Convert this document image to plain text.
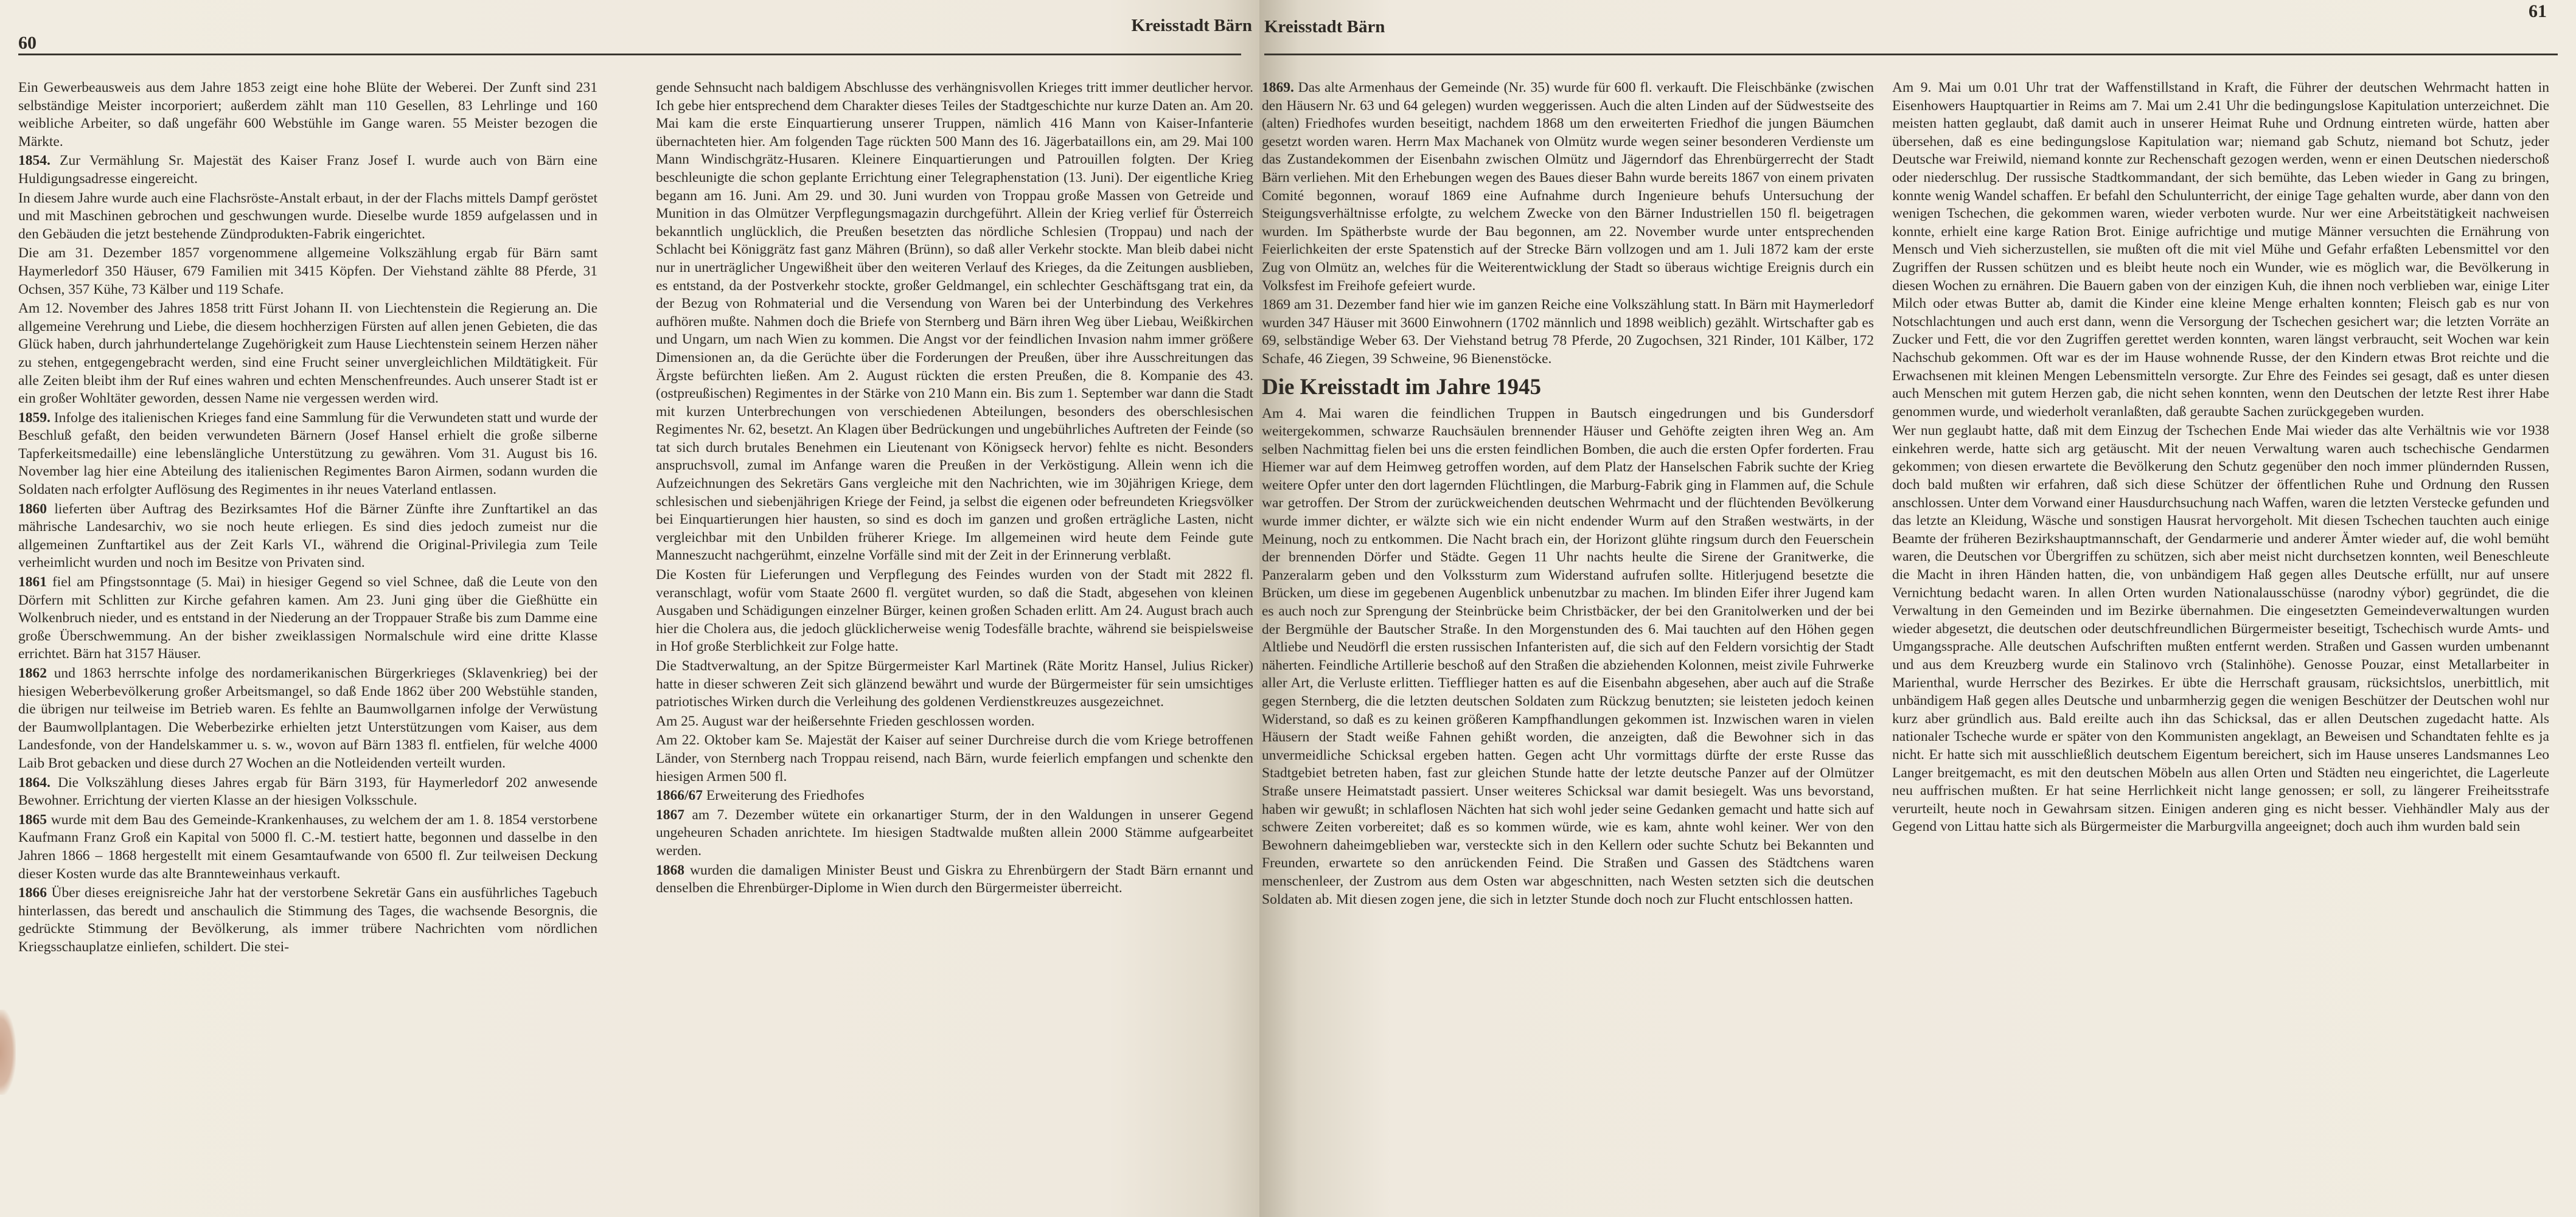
60
Kreisstadt Bärn

Ein Gewerbeausweis aus dem Jahre 1853 zeigt eine hohe Blüte der Weberei. Der Zunft sind 231 selbständige Meister incorporiert; außerdem zählt man 110 Gesellen, 83 Lehrlinge und 160 weibliche Arbeiter, so daß ungefähr 600 Webstühle im Gange waren. 55 Meister bezogen die Märkte.

1854. Zur Vermählung Sr. Majestät des Kaiser Franz Josef I. wurde auch von Bärn eine Huldigungsadresse eingereicht.

In diesem Jahre wurde auch eine Flachsröste-Anstalt erbaut, in der der Flachs mittels Dampf geröstet und mit Maschinen gebrochen und geschwungen wurde. Dieselbe wurde 1859 aufgelassen und in den Gebäuden die jetzt bestehende Zündprodukten-Fabrik eingerichtet.

Die am 31. Dezember 1857 vorgenommene allgemeine Volkszählung ergab für Bärn samt Haymerledorf 350 Häuser, 679 Familien mit 3415 Köpfen. Der Viehstand zählte 88 Pferde, 31 Ochsen, 357 Kühe, 73 Kälber und 119 Schafe.

Am 12. November des Jahres 1858 tritt Fürst Johann II. von Liechtenstein die Regierung an. Die allgemeine Verehrung und Liebe, die diesem hochherzigen Fürsten auf allen jenen Gebieten, die das Glück haben, durch jahrhundertelange Zugehörigkeit zum Hause Liechtenstein seinem Herzen näher zu stehen, entgegengebracht werden, sind eine Frucht seiner unvergleichlichen Mildtätigkeit. Für alle Zeiten bleibt ihm der Ruf eines wahren und echten Menschenfreundes. Auch unserer Stadt ist er ein großer Wohltäter geworden, dessen Name nie vergessen werden wird.

1859. Infolge des italienischen Krieges fand eine Sammlung für die Verwundeten statt und wurde der Beschluß gefaßt, den beiden verwundeten Bärnern (Josef Hansel erhielt die große silberne Tapferkeitsmedaille) eine lebenslängliche Unterstützung zu gewähren. Vom 31. August bis 16. November lag hier eine Abteilung des italienischen Regimentes Baron Airmen, sodann wurden die Soldaten nach erfolgter Auflösung des Regimentes in ihr neues Vaterland entlassen.

1860 lieferten über Auftrag des Bezirksamtes Hof die Bärner Zünfte ihre Zunftartikel an das mährische Landesarchiv, wo sie noch heute erliegen. Es sind dies jedoch zumeist nur die allgemeinen Zunftartikel aus der Zeit Karls VI., während die Original-Privilegia zum Teile verheimlicht wurden und noch im Besitze von Privaten sind.

1861 fiel am Pfingstsonntage (5. Mai) in hiesiger Gegend so viel Schnee, daß die Leute von den Dörfern mit Schlitten zur Kirche gefahren kamen. Am 23. Juni ging über die Gießhütte ein Wolkenbruch nieder, und es entstand in der Niederung an der Troppauer Straße bis zum Damme eine große Überschwemmung. An der bisher zweiklassigen Normalschule wird eine dritte Klasse errichtet. Bärn hat 3157 Häuser.

1862 und 1863 herrschte infolge des nordamerikanischen Bürgerkrieges (Sklavenkrieg) bei der hiesigen Weberbevölkerung großer Arbeitsmangel, so daß Ende 1862 über 200 Webstühle standen, die übrigen nur teilweise im Betrieb waren. Es fehlte an Baumwollgarnen infolge der Verwüstung der Baumwollplantagen. Die Weberbezirke erhielten jetzt Unterstützungen vom Kaiser, aus dem Landesfonde, von der Handelskammer u. s. w., wovon auf Bärn 1383 fl. entfielen, für welche 4000 Laib Brot gebacken und diese durch 27 Wochen an die Notleidenden verteilt wurden.

1864. Die Volkszählung dieses Jahres ergab für Bärn 3193, für Haymerledorf 202 anwesende Bewohner. Errichtung der vierten Klasse an der hiesigen Volksschule.

1865 wurde mit dem Bau des Gemeinde-Krankenhauses, zu welchem der am 1. 8. 1854 verstorbene Kaufmann Franz Groß ein Kapital von 5000 fl. C.-M. testiert hatte, begonnen und dasselbe in den Jahren 1866 – 1868 hergestellt mit einem Gesamtaufwande von 6500 fl. Zur teilweisen Deckung dieser Kosten wurde das alte Brannteweinhaus verkauft.

1866 Über dieses ereignisreiche Jahr hat der verstorbene Sekretär Gans ein ausführliches Tagebuch hinterlassen, das beredt und anschaulich die Stimmung des Tages, die wachsende Besorgnis, die gedrückte Stimmung der Bevölkerung, als immer trübere Nachrichten vom nördlichen Kriegsschauplatze einliefen, schildert. Die stei-

gende Sehnsucht nach baldigem Abschlusse des verhängnisvollen Krieges tritt immer deutlicher hervor. Ich gebe hier entsprechend dem Charakter dieses Teiles der Stadtgeschichte nur kurze Daten an. Am 20. Mai kam die erste Einquartierung unserer Truppen, nämlich 416 Mann von Kaiser-Infanterie übernachteten hier. Am folgenden Tage rückten 500 Mann des 16. Jägerbataillons ein, am 29. Mai 100 Mann Windischgrätz-Husaren. Kleinere Einquartierungen und Patrouillen folgten. Der Krieg beschleunigte die schon geplante Errichtung einer Telegraphenstation (13. Juni). Der eigentliche Krieg begann am 16. Juni. Am 29. und 30. Juni wurden von Troppau große Massen von Getreide und Munition in das Olmützer Verpflegungsmagazin durchgeführt. Allein der Krieg verlief für Österreich bekanntlich unglücklich, die Preußen besetzten das nördliche Schlesien (Troppau) und nach der Schlacht bei Königgrätz fast ganz Mähren (Brünn), so daß aller Verkehr stockte. Man bleib dabei nicht nur in unerträglicher Ungewißheit über den weiteren Verlauf des Krieges, da die Zeitungen ausblieben, es entstand, da der Postverkehr stockte, großer Geldmangel, ein schlechter Geschäftsgang trat ein, da der Bezug von Rohmaterial und die Versendung von Waren bei der Unterbindung des Verkehres aufhören mußte. Nahmen doch die Briefe von Sternberg und Bärn ihren Weg über Liebau, Weißkirchen und Ungarn, um nach Wien zu kommen. Die Angst vor der feindlichen Invasion nahm immer größere Dimensionen an, da die Gerüchte über die Forderungen der Preußen, über ihre Ausschreitungen das Ärgste befürchten ließen. Am 2. August rückten die ersten Preußen, die 8. Kompanie des 43. (ostpreußischen) Regimentes in der Stärke von 210 Mann ein. Bis zum 1. September war dann die Stadt mit kurzen Unterbrechungen von verschiedenen Abteilungen, besonders des oberschlesischen Regimentes Nr. 62, besetzt. An Klagen über Bedrückungen und ungebührliches Auftreten der Feinde (so tat sich durch brutales Benehmen ein Lieutenant von Königseck hervor) fehlte es nicht. Besonders anspruchsvoll, zumal im Anfange waren die Preußen in der Verköstigung. Allein wenn ich die Aufzeichnungen des Sekretärs Gans vergleiche mit den Nachrichten, wie im 30jährigen Kriege, dem schlesischen und siebenjährigen Kriege der Feind, ja selbst die eigenen oder befreundeten Kriegsvölker bei Einquartierungen hier hausten, so sind es doch im ganzen und großen erträgliche Lasten, nicht vergleichbar mit den Unbilden früherer Kriege. Im allgemeinen wird heute dem Feinde gute Manneszucht nachgerühmt, einzelne Vorfälle sind mit der Zeit in der Erinnerung verblaßt.

Die Kosten für Lieferungen und Verpflegung des Feindes wurden von der Stadt mit 2822 fl. veranschlagt, wofür vom Staate 2600 fl. vergütet wurden, so daß die Stadt, abgesehen von kleinen Ausgaben und Schädigungen einzelner Bürger, keinen großen Schaden erlitt. Am 24. August brach auch hier die Cholera aus, die jedoch glücklicherweise wenig Todesfälle brachte, während sie beispielsweise in Hof große Sterblichkeit zur Folge hatte.

Die Stadtverwaltung, an der Spitze Bürgermeister Karl Martinek (Räte Moritz Hansel, Julius Ricker) hatte in dieser schweren Zeit sich glänzend bewährt und wurde der Bürgermeister für sein umsichtiges patriotisches Wirken durch die Verleihung des goldenen Verdienstkreuzes ausgezeichnet.

Am 25. August war der heißersehnte Frieden geschlossen worden.

Am 22. Oktober kam Se. Majestät der Kaiser auf seiner Durchreise durch die vom Kriege betroffenen Länder, von Sternberg nach Troppau reisend, nach Bärn, wurde feierlich empfangen und schenkte den hiesigen Armen 500 fl.

1866/67 Erweiterung des Friedhofes

1867 am 7. Dezember wütete ein orkanartiger Sturm, der in den Waldungen in unserer Gegend ungeheuren Schaden anrichtete. Im hiesigen Stadtwalde mußten allein 2000 Stämme aufgearbeitet werden.

1868 wurden die damaligen Minister Beust und Giskra zu Ehrenbürgern der Stadt Bärn ernannt und denselben die Ehrenbürger-Diplome in Wien durch den Bürgermeister überreicht.

Kreisstadt Bärn
61

1869. Das alte Armenhaus der Gemeinde (Nr. 35) wurde für 600 fl. verkauft. Die Fleischbänke (zwischen den Häusern Nr. 63 und 64 gelegen) wurden weggerissen. Auch die alten Linden auf der Südwestseite des (alten) Friedhofes wurden beseitigt, nachdem 1868 um den erweiterten Friedhof die jungen Bäumchen gesetzt worden waren. Herrn Max Machanek von Olmütz wurde wegen seiner besonderen Verdienste um das Zustandekommen der Eisenbahn zwischen Olmütz und Jägerndorf das Ehrenbürgerrecht der Stadt Bärn verliehen. Mit den Erhebungen wegen des Baues dieser Bahn wurde bereits 1867 von einem privaten Comité begonnen, worauf 1869 eine Aufnahme durch Ingenieure behufs Untersuchung der Steigungsverhältnisse erfolgte, zu welchem Zwecke von den Bärner Industriellen 150 fl. beigetragen wurden. Im Spätherbste wurde der Bau begonnen, am 22. November wurde unter entsprechenden Feierlichkeiten der erste Spatenstich auf der Strecke Bärn vollzogen und am 1. Juli 1872 kam der erste Zug von Olmütz an, welches für die Weiterentwicklung der Stadt so überaus wichtige Ereignis durch ein Volksfest im Freihofe gefeiert wurde.

1869 am 31. Dezember fand hier wie im ganzen Reiche eine Volkszählung statt. In Bärn mit Haymerledorf wurden 347 Häuser mit 3600 Einwohnern (1702 männlich und 1898 weiblich) gezählt. Wirtschafter gab es 69, selbständige Weber 63. Der Viehstand betrug 78 Pferde, 20 Zugochsen, 321 Rinder, 101 Kälber, 172 Schafe, 46 Ziegen, 39 Schweine, 96 Bienenstöcke.

Die Kreisstadt im Jahre 1945

Am 4. Mai waren die feindlichen Truppen in Bautsch eingedrungen und bis Gundersdorf weitergekommen, schwarze Rauchsäulen brennender Häuser und Gehöfte zeigten ihren Weg an. Am selben Nachmittag fielen bei uns die ersten feindlichen Bomben, die auch die ersten Opfer forderten. Frau Hiemer war auf dem Heimweg getroffen worden, auf dem Platz der Hanselschen Fabrik suchte der Krieg weitere Opfer unter den dort lagernden Flüchtlingen, die Marburg-Fabrik ging in Flammen auf, die Schule war getroffen. Der Strom der zurückweichenden deutschen Wehrmacht und der flüchtenden Bevölkerung wurde immer dichter, er wälzte sich wie ein nicht endender Wurm auf den Straßen westwärts, in der Meinung, noch zu entkommen. Die Nacht brach ein, der Horizont glühte ringsum durch den Feuerschein der brennenden Dörfer und Städte. Gegen 11 Uhr nachts heulte die Sirene der Granitwerke, die Panzeralarm geben und den Volkssturm zum Widerstand aufrufen sollte. Hitlerjugend besetzte die Brücken, um diese im gegebenen Augenblick unbenutzbar zu machen. Im blinden Eifer ihrer Jugend kam es auch noch zur Sprengung der Steinbrücke beim Christbäcker, der bei den Granitolwerken und der bei der Bergmühle der Bautscher Straße. In den Morgenstunden des 6. Mai tauchten auf den Höhen gegen Altliebe und Neudörfl die ersten russischen Infanteristen auf, die sich auf den Feldern vorsichtig der Stadt näherten. Feindliche Artillerie beschoß auf den Straßen die abziehenden Kolonnen, meist zivile Fuhrwerke aller Art, die Verluste erlitten. Tiefflieger hatten es auf die Eisenbahn abgesehen, aber auch auf die Straße gegen Sternberg, die die letzten deutschen Soldaten zum Rückzug benutzten; sie leisteten jedoch keinen Widerstand, so daß es zu keinen größeren Kampfhandlungen gekommen ist. Inzwischen waren in vielen Häusern der Stadt weiße Fahnen gehißt worden, die anzeigten, daß die Bewohner sich in das unvermeidliche Schicksal ergeben hatten. Gegen acht Uhr vormittags dürfte der erste Russe das Stadtgebiet betreten haben, fast zur gleichen Stunde hatte der letzte deutsche Panzer auf der Olmützer Straße unsere Heimatstadt passiert. Unser weiteres Schicksal war damit besiegelt. Was uns bevorstand, haben wir gewußt; in schlaflosen Nächten hat sich wohl jeder seine Gedanken gemacht und hatte sich auf schwere Zeiten vorbereitet; daß es so kommen würde, wie es kam, ahnte wohl keiner. Wer von den Bewohnern daheimgeblieben war, versteckte sich in den Kellern oder suchte Schutz bei Bekannten und Freunden, erwartete so den anrückenden Feind. Die Straßen und Gassen des Städtchens waren menschenleer, der Zustrom aus dem Osten war abgeschnitten, nach Westen setzten sich die deutschen Soldaten ab. Mit diesen zogen jene, die sich in letzter Stunde doch noch zur Flucht entschlossen hatten.

Am 9. Mai um 0.01 Uhr trat der Waffenstillstand in Kraft, die Führer der deutschen Wehrmacht hatten in Eisenhowers Hauptquartier in Reims am 7. Mai um 2.41 Uhr die bedingungslose Kapitulation unterzeichnet. Die meisten hatten geglaubt, daß damit auch in unserer Heimat Ruhe und Ordnung eintreten würde, hatten aber übersehen, daß es eine bedingungslose Kapitulation war; niemand gab Schutz, niemand bot Schutz, jeder Deutsche war Freiwild, niemand konnte zur Rechenschaft gezogen werden, wenn er einen Deutschen niederschoß oder niederschlug. Der russische Stadtkommandant, der sich bemühte, das Leben wieder in Gang zu bringen, konnte wenig Wandel schaffen. Er befahl den Schulunterricht, der einige Tage gehalten wurde, aber dann von den wenigen Tschechen, die gekommen waren, wieder verboten wurde. Nur wer eine Arbeitstätigkeit nachweisen konnte, erhielt eine karge Ration Brot. Einige aufrichtige und mutige Männer versuchten die Ernährung von Mensch und Vieh sicherzustellen, sie mußten oft die mit viel Mühe und Gefahr erfaßten Lebensmittel vor den Zugriffen der Russen schützen und es bleibt heute noch ein Wunder, wie es möglich war, die Bevölkerung in diesen Wochen zu ernähren. Die Bauern gaben von der einzigen Kuh, die ihnen noch verblieben war, einige Liter Milch oder etwas Butter ab, damit die Kinder eine kleine Menge erhalten konnten; Fleisch gab es nur von Notschlachtungen und auch erst dann, wenn die Versorgung der Tschechen gesichert war; die letzten Vorräte an Zucker und Fett, die vor den Zugriffen gerettet werden konnten, waren längst verbraucht, seit Wochen war kein Nachschub gekommen. Oft war es der im Hause wohnende Russe, der den Kindern etwas Brot reichte und die Erwachsenen mit kleinen Mengen Lebensmitteln versorgte. Zur Ehre des Feindes sei gesagt, daß es unter diesen auch Menschen mit gutem Herzen gab, die nicht sehen konnten, wenn den Deutschen der letzte Rest ihrer Habe genommen wurde, und wiederholt veranlaßten, daß geraubte Sachen zurückgegeben wurden.

Wer nun geglaubt hatte, daß mit dem Einzug der Tschechen Ende Mai wieder das alte Verhältnis wie vor 1938 einkehren werde, hatte sich arg getäuscht. Mit der neuen Verwaltung waren auch tschechische Gendarmen gekommen; von diesen erwartete die Bevölkerung den Schutz gegenüber den noch immer plündernden Russen, doch bald mußten wir erfahren, daß sich diese Schützer der öffentlichen Ruhe und Ordnung den Russen anschlossen. Unter dem Vorwand einer Hausdurchsuchung nach Waffen, waren die letzten Verstecke gefunden und das letzte an Kleidung, Wäsche und sonstigen Hausrat hervorgeholt. Mit diesen Tschechen tauchten auch einige Beamte der früheren Bezirkshauptmannschaft, der Gendarmerie und anderer Ämter wieder auf, die wohl bemüht waren, die Deutschen vor Übergriffen zu schützen, sich aber meist nicht durchsetzen konnten, weil Beneschleute die Macht in ihren Händen hatten, die, von unbändigem Haß gegen alles Deutsche erfüllt, nur auf unsere Vernichtung bedacht waren. In allen Orten wurden Nationalausschüsse (narodny výbor) gegründet, die die Verwaltung in den Gemeinden und im Bezirke übernahmen. Die eingesetzten Gemeindeverwaltungen wurden wieder abgesetzt, die deutschen oder deutschfreundlichen Bürgermeister beseitigt, Tschechisch wurde Amts- und Umgangssprache. Alle deutschen Aufschriften mußten entfernt werden. Straßen und Gassen wurden umbenannt und aus dem Kreuzberg wurde ein Stalinovo vrch (Stalinhöhe). Genosse Pouzar, einst Metallarbeiter in Marienthal, wurde Herrscher des Bezirkes. Er übte die Herrschaft grausam, rücksichtslos, unerbittlich, mit unbändigem Haß gegen alles Deutsche und unbarmherzig gegen die wenigen Beschützer der Deutschen wohl nur kurz aber gründlich aus. Bald ereilte auch ihn das Schicksal, das er allen Deutschen zugedacht hatte. Als nationaler Tscheche wurde er später von den Kommunisten angeklagt, an Beweisen und Schandtaten fehlte es ja nicht. Er hatte sich mit ausschließlich deutschem Eigentum bereichert, sich im Hause unseres Landsmannes Leo Langer breitgemacht, es mit den deutschen Möbeln aus allen Orten und Städten neu eingerichtet, die Lagerleute neu auffrischen mußten. Er hat seine Herrlichkeit nicht lange genossen; er soll, zu längerer Freiheitsstrafe verurteilt, heute noch in Gewahrsam sitzen. Einigen anderen ging es nicht besser. Viehhändler Maly aus der Gegend von Littau hatte sich als Bürgermeister die Marburgvilla angeeignet; doch auch ihm wurden bald sein
